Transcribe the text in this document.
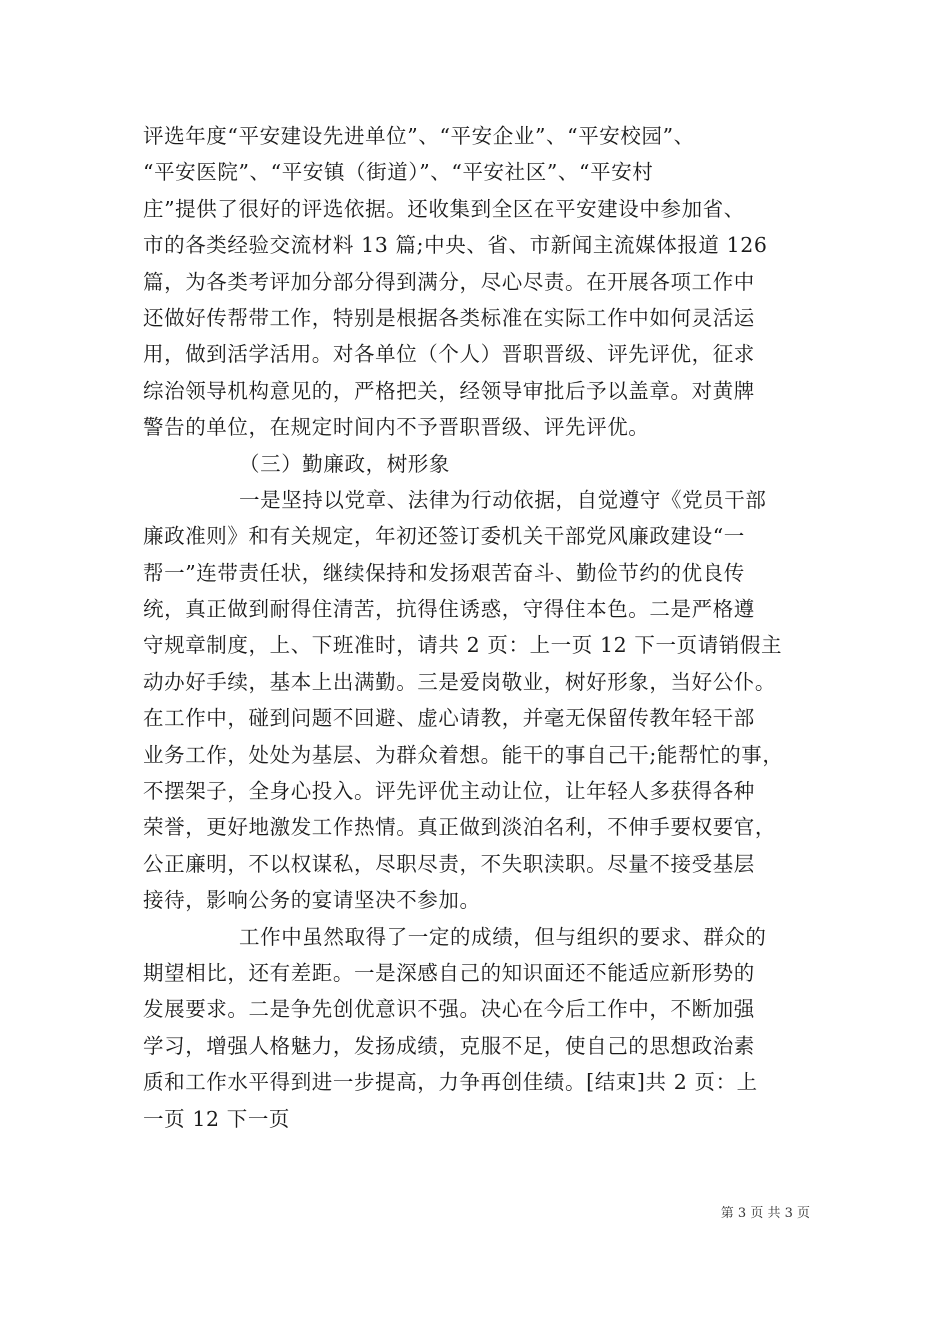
评选年度“平安建设先进单位”、“平安企业”、“平安校园”、
“平安医院”、“平安镇（街道）”、“平安社区”、“平安村
庄”提供了很好的评选依据。还收集到全区在平安建设中参加省、
市的各类经验交流材料 13 篇;中央、省、市新闻主流媒体报道 126
篇，为各类考评加分部分得到满分，尽心尽责。在开展各项工作中
还做好传帮带工作，特别是根据各类标准在实际工作中如何灵活运
用，做到活学活用。对各单位（个人）晋职晋级、评先评优，征求
综治领导机构意见的，严格把关，经领导审批后予以盖章。对黄牌
警告的单位，在规定时间内不予晋职晋级、评先评优。
（三）勤廉政，树形象
一是坚持以党章、法律为行动依据，自觉遵守《党员干部
廉政准则》和有关规定，年初还签订委机关干部党风廉政建设“一
帮一”连带责任状，继续保持和发扬艰苦奋斗、勤俭节约的优良传
统，真正做到耐得住清苦，抗得住诱惑，守得住本色。二是严格遵
守规章制度，上、下班准时，请共 2 页：上一页 12 下一页请销假主
动办好手续，基本上出满勤。三是爱岗敬业，树好形象，当好公仆。
在工作中，碰到问题不回避、虚心请教，并毫无保留传教年轻干部
业务工作，处处为基层、为群众着想。能干的事自己干;能帮忙的事，
不摆架子，全身心投入。评先评优主动让位，让年轻人多获得各种
荣誉，更好地激发工作热情。真正做到淡泊名利，不伸手要权要官，
公正廉明，不以权谋私，尽职尽责，不失职渎职。尽量不接受基层
接待，影响公务的宴请坚决不参加。
工作中虽然取得了一定的成绩，但与组织的要求、群众的
期望相比，还有差距。一是深感自己的知识面还不能适应新形势的
发展要求。二是争先创优意识不强。决心在今后工作中，不断加强
学习，增强人格魅力，发扬成绩，克服不足，使自己的思想政治素
质和工作水平得到进一步提高，力争再创佳绩。[结束]共 2 页：上
一页 12 下一页
第 3 页 共 3 页
